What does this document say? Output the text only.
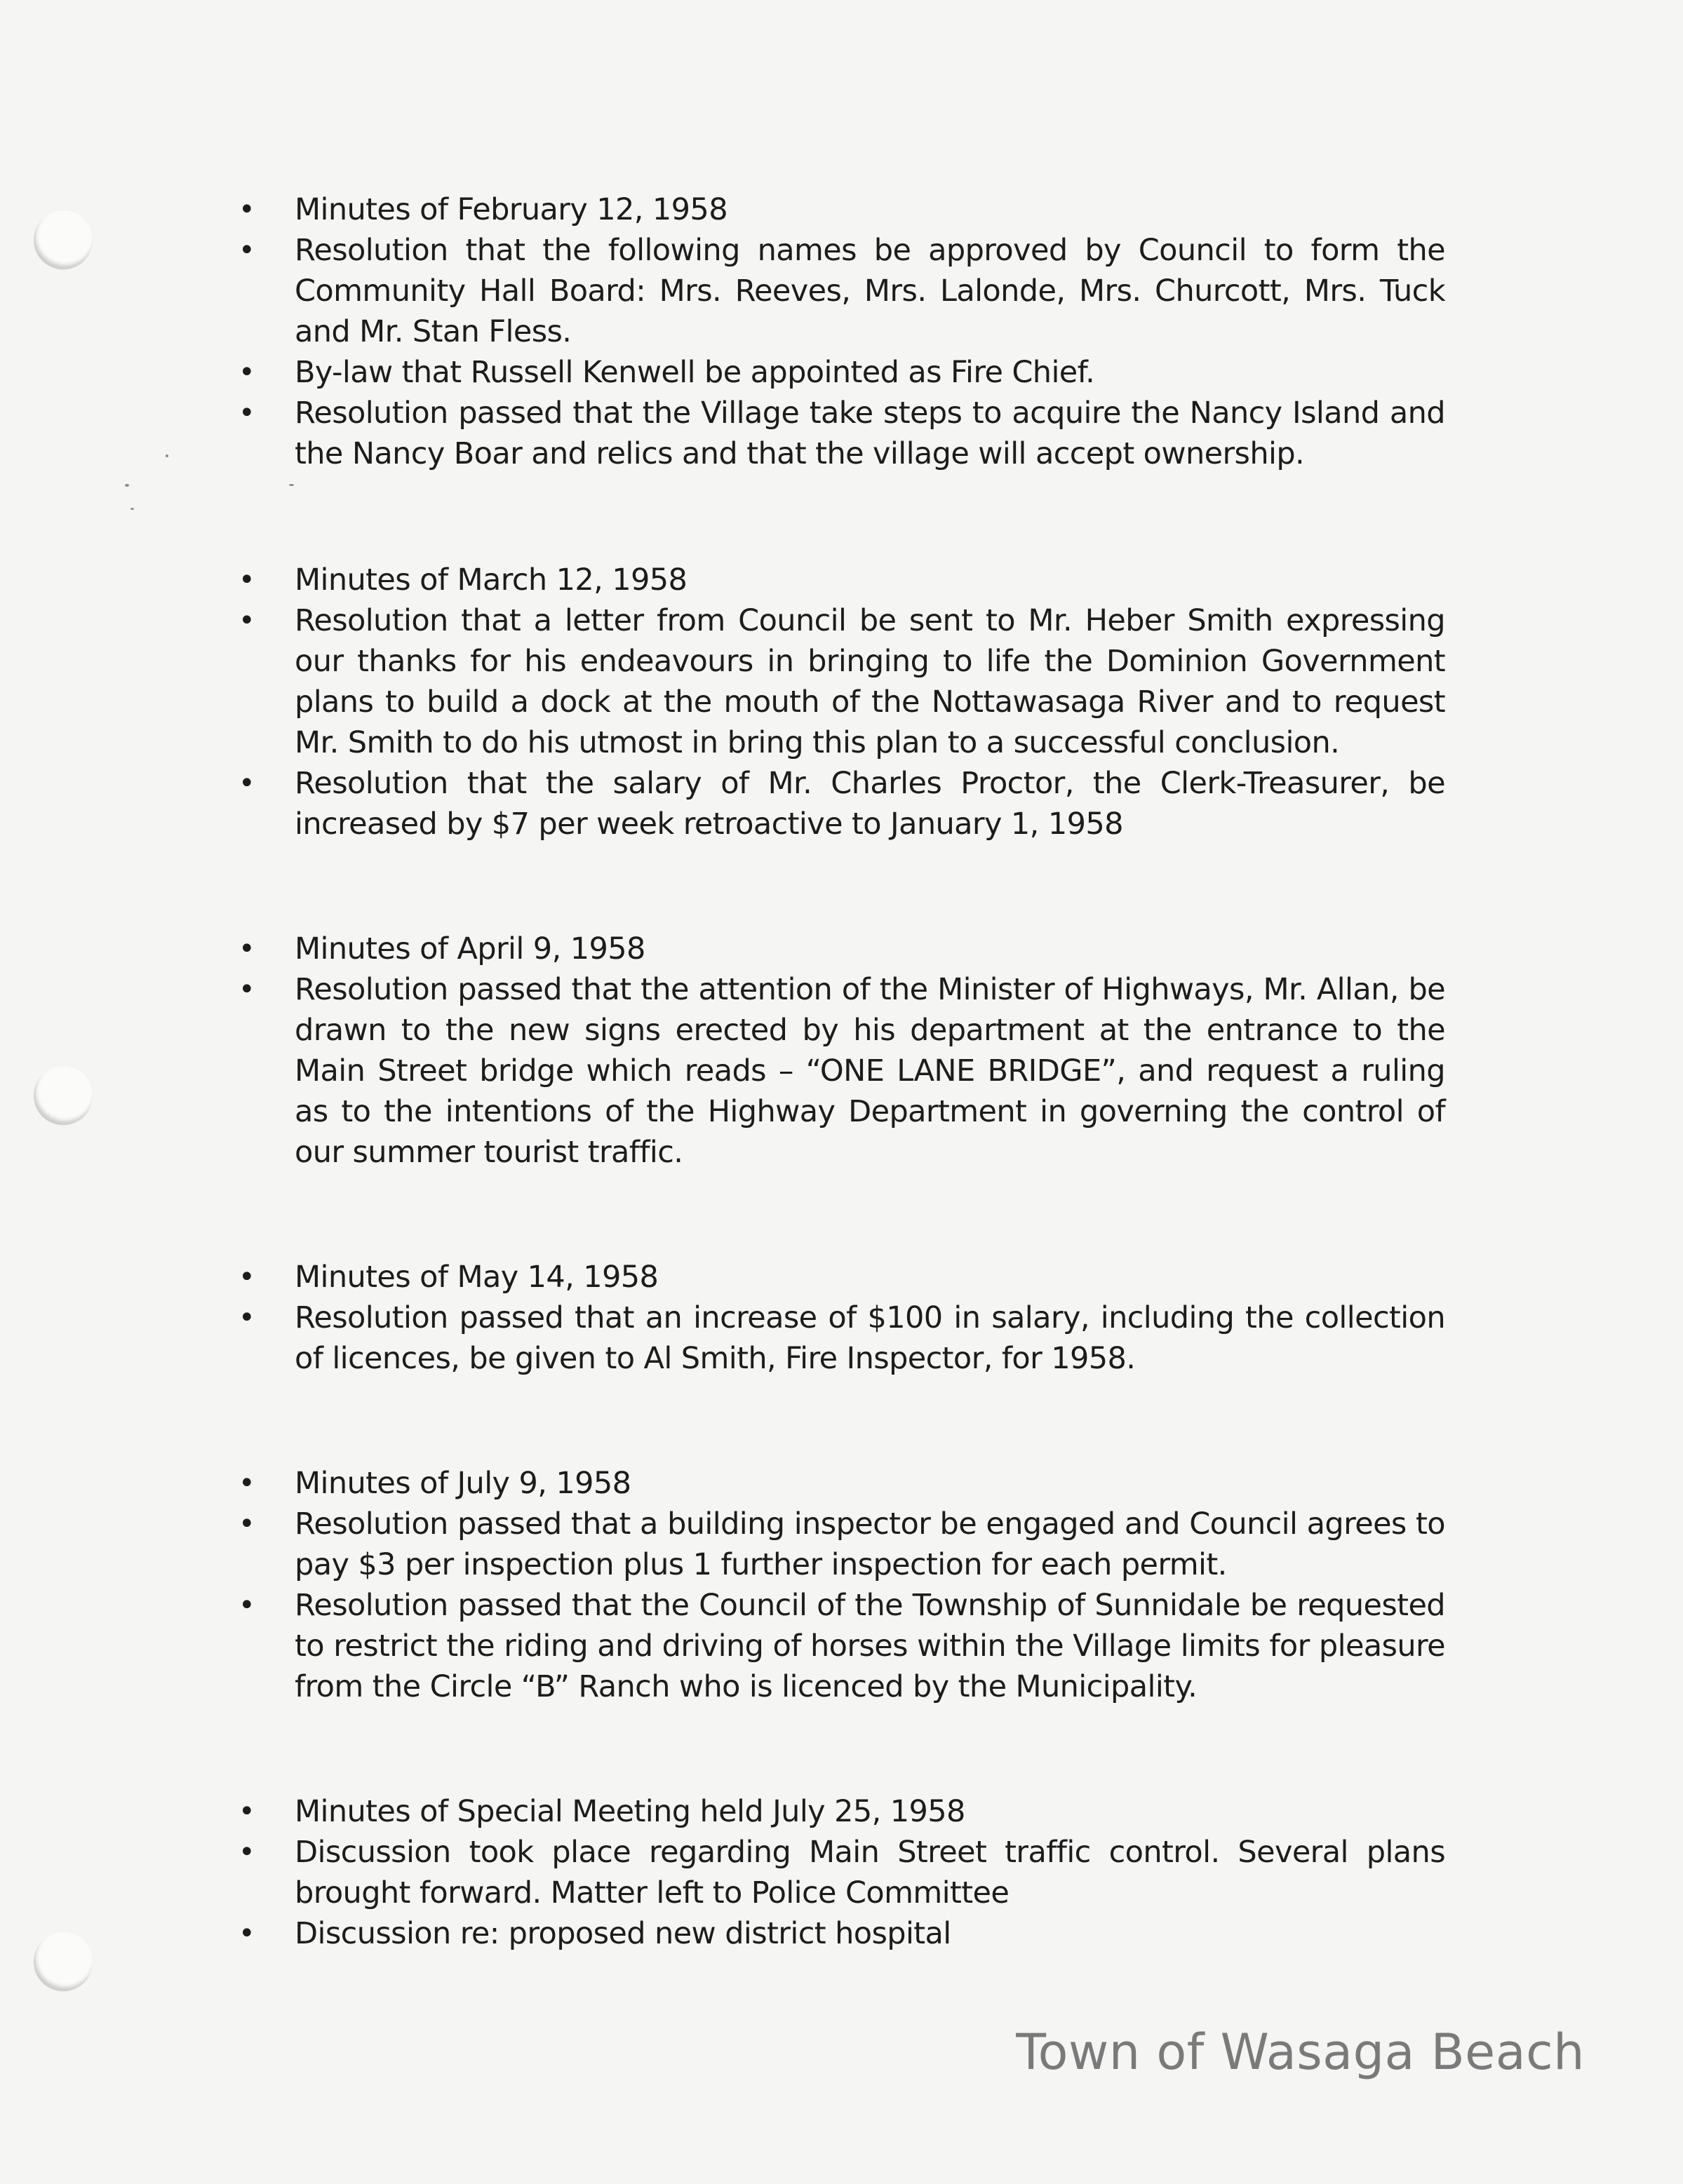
• Minutes of February 12, 1958
• Resolution that the following names be approved by Council to form the Community Hall Board: Mrs. Reeves, Mrs. Lalonde, Mrs. Churcott, Mrs. Tuck and Mr. Stan Fless.
• By-law that Russell Kenwell be appointed as Fire Chief.
• Resolution passed that the Village take steps to acquire the Nancy Island and the Nancy Boar and relics and that the village will accept ownership.
• Minutes of March 12, 1958
• Resolution that a letter from Council be sent to Mr. Heber Smith expressing our thanks for his endeavours in bringing to life the Dominion Government plans to build a dock at the mouth of the Nottawasaga River and to request Mr. Smith to do his utmost in bring this plan to a successful conclusion.
• Resolution that the salary of Mr. Charles Proctor, the Clerk-Treasurer, be increased by $7 per week retroactive to January 1, 1958
• Minutes of April 9, 1958
• Resolution passed that the attention of the Minister of Highways, Mr. Allan, be drawn to the new signs erected by his department at the entrance to the Main Street bridge which reads – “ONE LANE BRIDGE”, and request a ruling as to the intentions of the Highway Department in governing the control of our summer tourist traffic.
• Minutes of May 14, 1958
• Resolution passed that an increase of $100 in salary, including the collection of licences, be given to Al Smith, Fire Inspector, for 1958.
• Minutes of July 9, 1958
• Resolution passed that a building inspector be engaged and Council agrees to pay $3 per inspection plus 1 further inspection for each permit.
• Resolution passed that the Council of the Township of Sunnidale be requested to restrict the riding and driving of horses within the Village limits for pleasure from the Circle “B” Ranch who is licenced by the Municipality.
• Minutes of Special Meeting held July 25, 1958
• Discussion took place regarding Main Street traffic control. Several plans brought forward. Matter left to Police Committee
• Discussion re: proposed new district hospital
Town of Wasaga Beach
